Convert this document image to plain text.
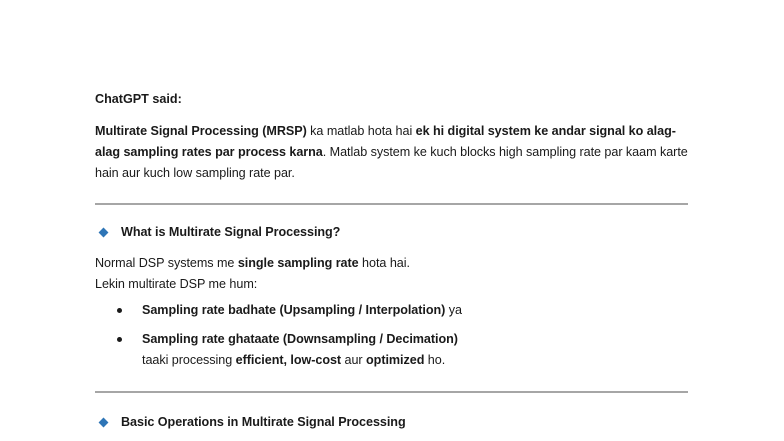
ChatGPT said:
Multirate Signal Processing (MRSP) ka matlab hota hai ek hi digital system ke andar signal ko alag-alag sampling rates par process karna. Matlab system ke kuch blocks high sampling rate par kaam karte hain aur kuch low sampling rate par.
What is Multirate Signal Processing?
Normal DSP systems me single sampling rate hota hai.
Lekin multirate DSP me hum:
Sampling rate badhate (Upsampling / Interpolation) ya
Sampling rate ghataate (Downsampling / Decimation)
taaki processing efficient, low-cost aur optimized ho.
Basic Operations in Multirate Signal Processing
